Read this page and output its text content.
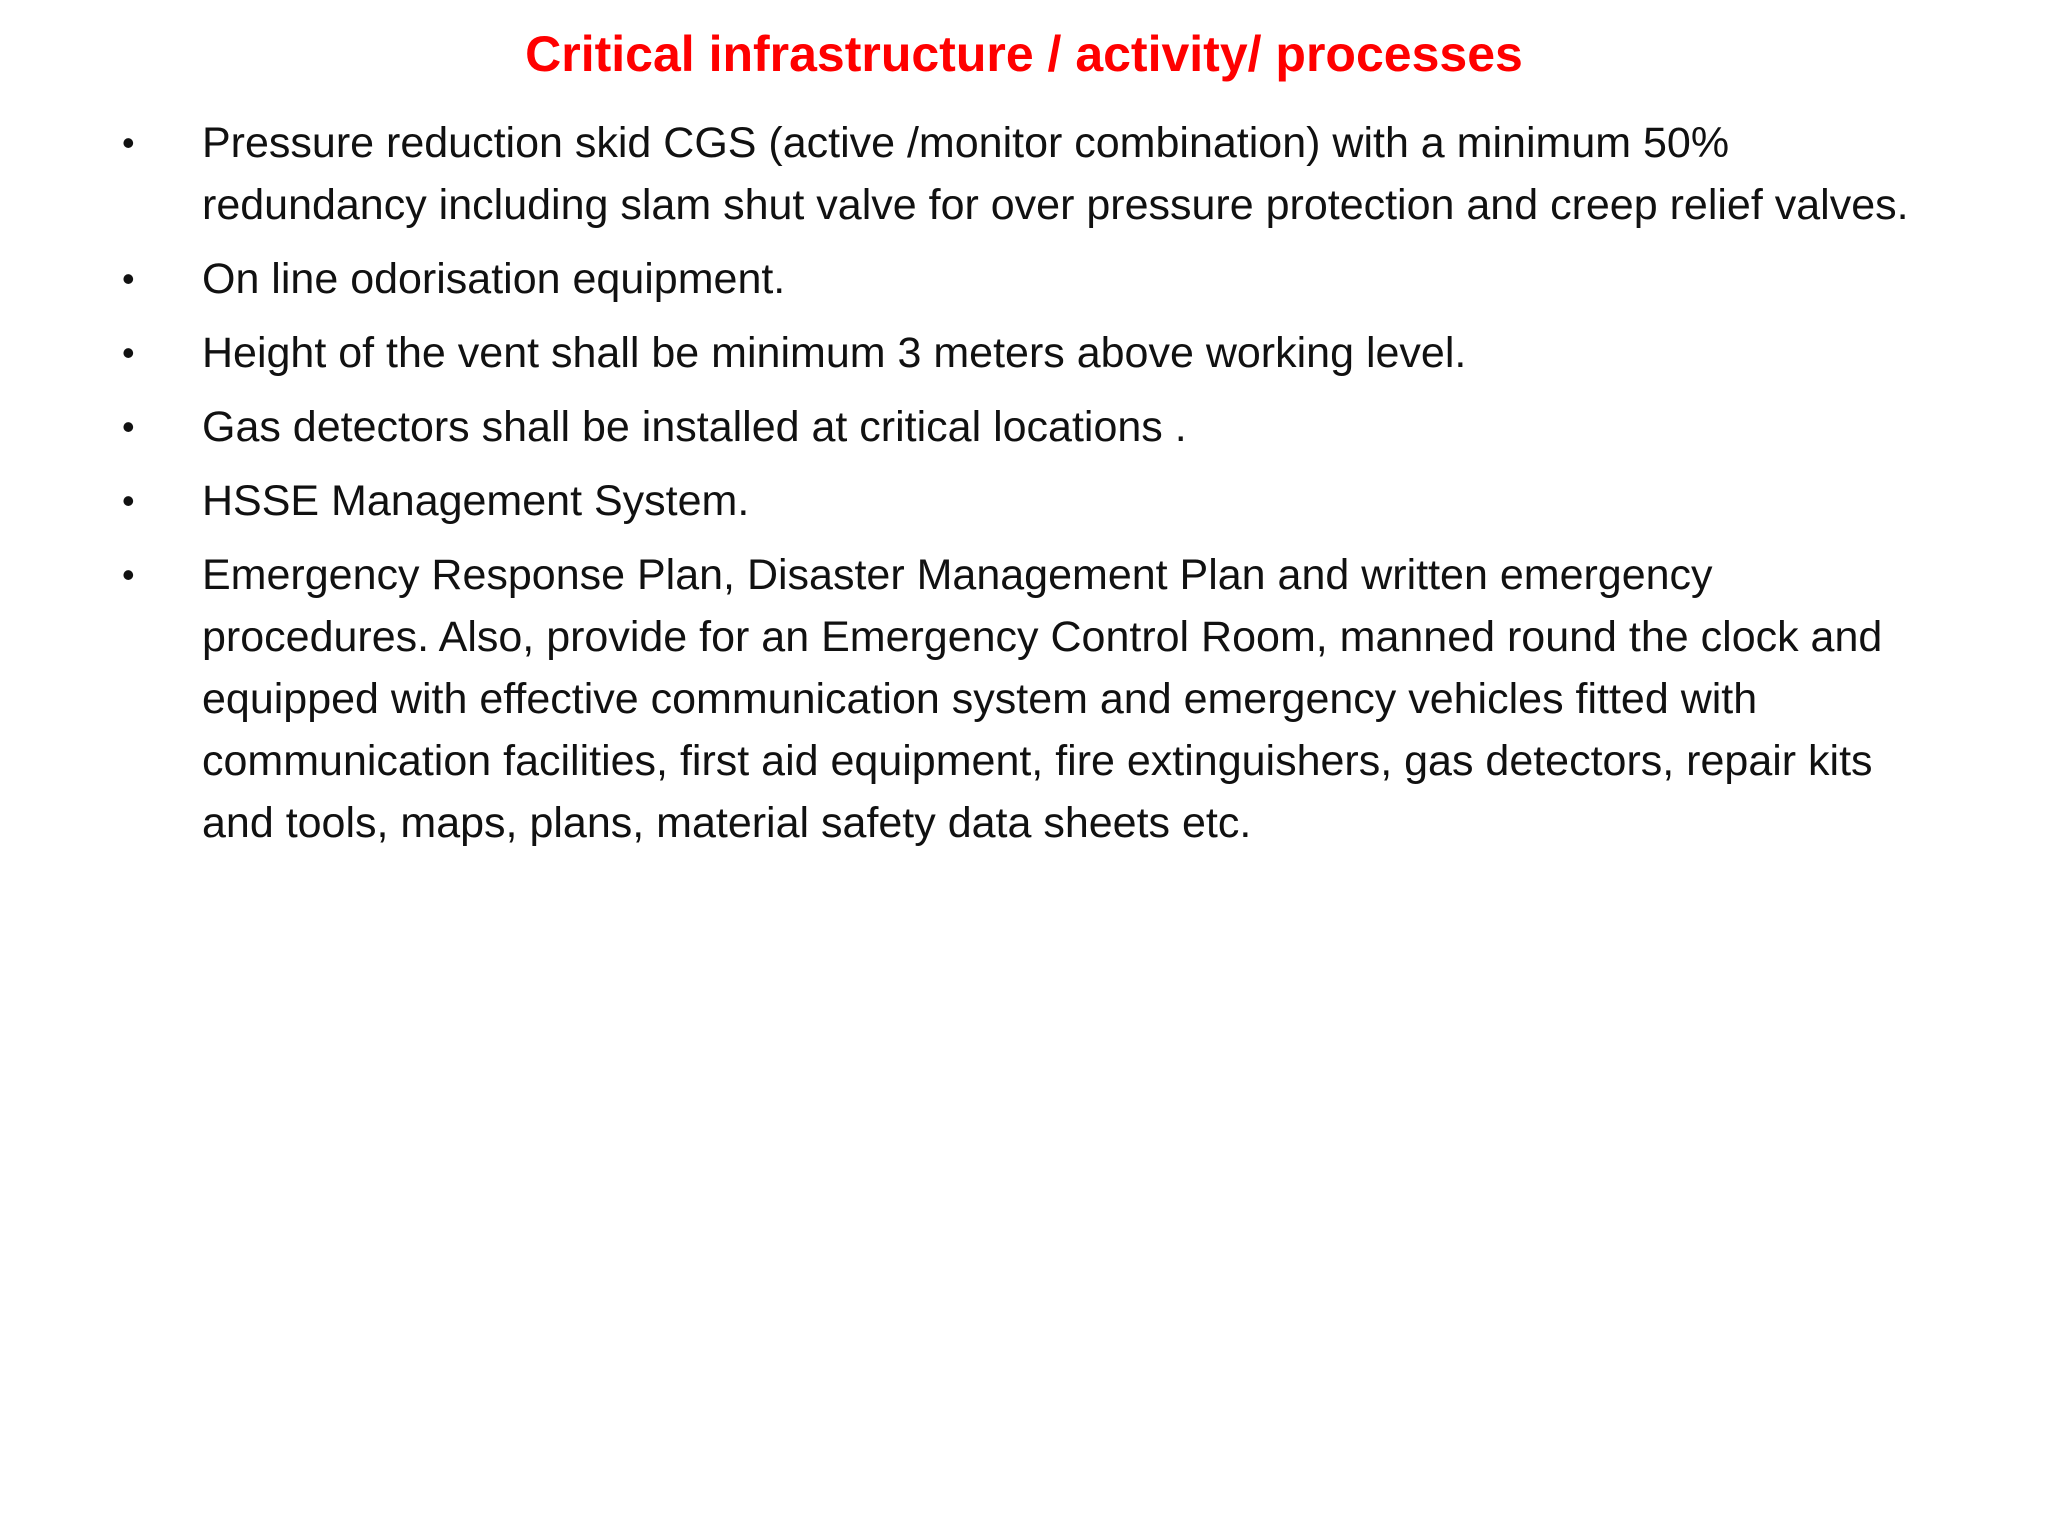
Critical infrastructure / activity/ processes
•	Pressure reduction skid CGS (active /monitor combination) with a minimum 50% redundancy including slam shut valve for over pressure protection and creep relief valves.
•	On line odorisation equipment.
•	Height of the vent shall be minimum 3 meters above working level.
•	Gas detectors shall be installed at critical locations .
•	HSSE Management System.
•	Emergency Response Plan, Disaster Management Plan and written emergency procedures. Also, provide for an Emergency Control Room, manned round the clock and equipped with effective communication system and emergency vehicles fitted with communication facilities, first aid equipment, fire extinguishers, gas detectors, repair kits and tools, maps, plans, material safety data sheets etc.
